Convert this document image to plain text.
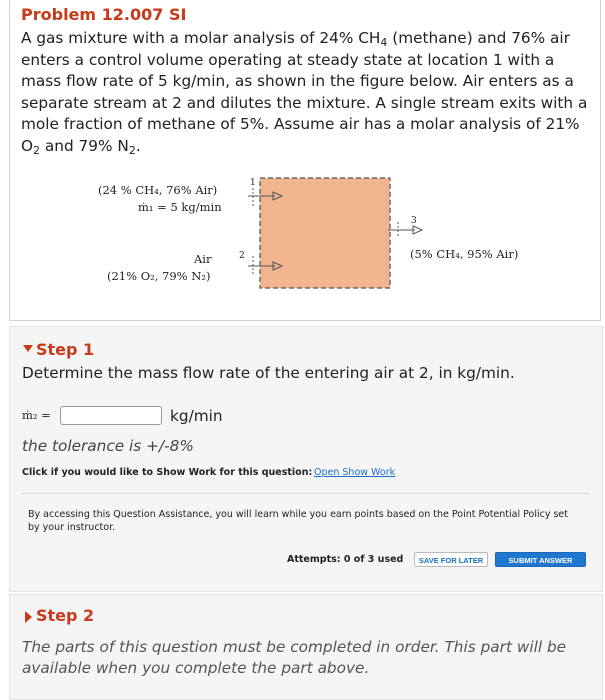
Problem 12.007 SI
A gas mixture with a molar analysis of 24% $CH_4$ (methane) and 76% air enters a control volume operating at steady state at location 1 with a mass flow rate of 5 kg/min, as shown in the figure below. Air enters as a separate stream at 2 and dilutes the mixture. A single stream exits with a mole fraction of methane of 5%. Assume air has a molar analysis of 21% $O_2$ and 79% $N_2$.
1
(24 % CH₄, 76% Air)
ṁ₁ = 5 kg/min
2
Air
(21% O₂, 79% N₂)
3
(5% CH₄, 95% Air)
Step 1
Determine the mass flow rate of the entering air at 2, in kg/min.
ṁ₂ =	kg/min
the tolerance is +/-8%
Click if you would like to Show Work for this question: Open Show Work
By accessing this Question Assistance, you will learn while you earn points based on the Point Potential Policy set by your instructor.
Attempts: 0 of 3 used	SAVE FOR LATER	SUBMIT ANSWER
Step 2
The parts of this question must be completed in order. This part will be available when you complete the part above.
